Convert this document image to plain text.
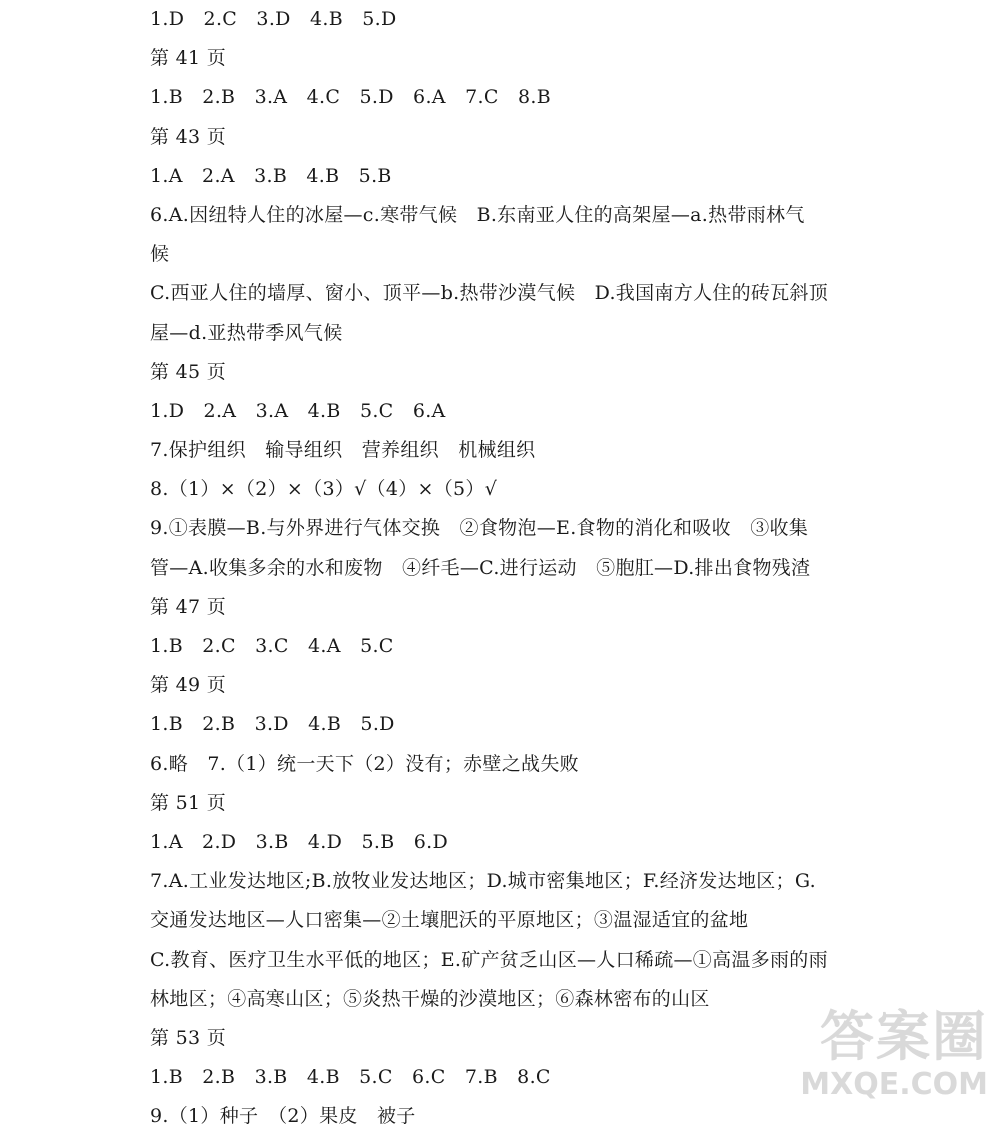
1.D　2.C　3.D　4.B　5.D
第 41 页
1.B　2.B　3.A　4.C　5.D　6.A　7.C　8.B
第 43 页
1.A　2.A　3.B　4.B　5.B
6.A.因纽特人住的冰屋—c.寒带气候　B.东南亚人住的高架屋—a.热带雨林气
候
C.西亚人住的墙厚、窗小、顶平—b.热带沙漠气候　D.我国南方人住的砖瓦斜顶
屋—d.亚热带季风气候
第 45 页
1.D　2.A　3.A　4.B　5.C　6.A
7.保护组织　输导组织　营养组织　机械组织
8.（1）×（2）×（3）√（4）×（5）√
9.①表膜—B.与外界进行气体交换　②食物泡—E.食物的消化和吸收　③收集
管—A.收集多余的水和废物　④纤毛—C.进行运动　⑤胞肛—D.排出食物残渣
第 47 页
1.B　2.C　3.C　4.A　5.C
第 49 页
1.B　2.B　3.D　4.B　5.D
6.略　7.（1）统一天下（2）没有；赤壁之战失败
第 51 页
1.A　2.D　3.B　4.D　5.B　6.D
7.A.工业发达地区;B.放牧业发达地区；D.城市密集地区；F.经济发达地区；G.
交通发达地区—人口密集—②土壤肥沃的平原地区；③温湿适宜的盆地
C.教育、医疗卫生水平低的地区；E.矿产贫乏山区—人口稀疏—①高温多雨的雨
林地区；④高寒山区；⑤炎热干燥的沙漠地区；⑥森林密布的山区
第 53 页
1.B　2.B　3.B　4.B　5.C　6.C　7.B　8.C
9.（1）种子　（2）果皮　被子
答案圈
MXQE.COM
